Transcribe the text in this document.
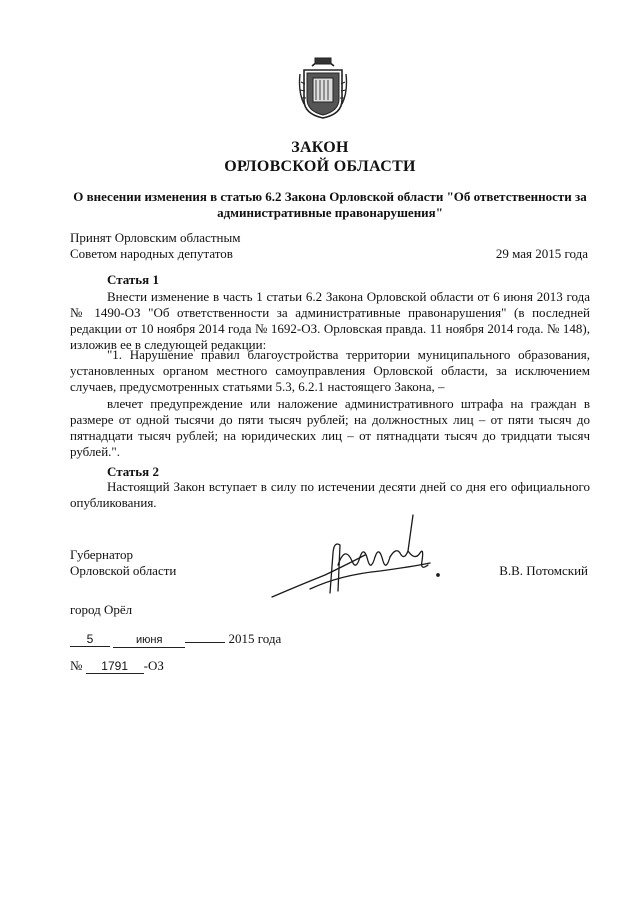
ЗАКОН
ОРЛОВСКОЙ ОБЛАСТИ
О внесении изменения в статью 6.2 Закона Орловской области "Об ответственности за административные правонарушения"
Принят Орловским областным
Советом народных депутатов	29 мая 2015 года
Статья 1
Внести изменение в часть 1 статьи 6.2 Закона Орловской области от 6 июня 2013 года № 1490-ОЗ "Об ответственности за административные правонарушения" (в последней редакции от 10 ноября 2014 года № 1692-ОЗ. Орловская правда. 11 ноября 2014 года. № 148), изложив ее в следующей редакции:
"1. Нарушение правил благоустройства территории муниципального образования, установленных органом местного самоуправления Орловской области, за исключением случаев, предусмотренных статьями 5.3, 6.2.1 настоящего Закона, –
влечет предупреждение или наложение административного штрафа на граждан в размере от одной тысячи до пяти тысяч рублей; на должностных лиц – от пяти тысяч до пятнадцати тысяч рублей; на юридических лиц – от пятнадцати тысяч до тридцати тысяч рублей.".
Статья 2
Настоящий Закон вступает в силу по истечении десяти дней со дня его официального опубликования.
Губернатор
Орловской области	В.В. Потомский
город Орёл
5	июня	2015 года
№ 1791 -ОЗ
